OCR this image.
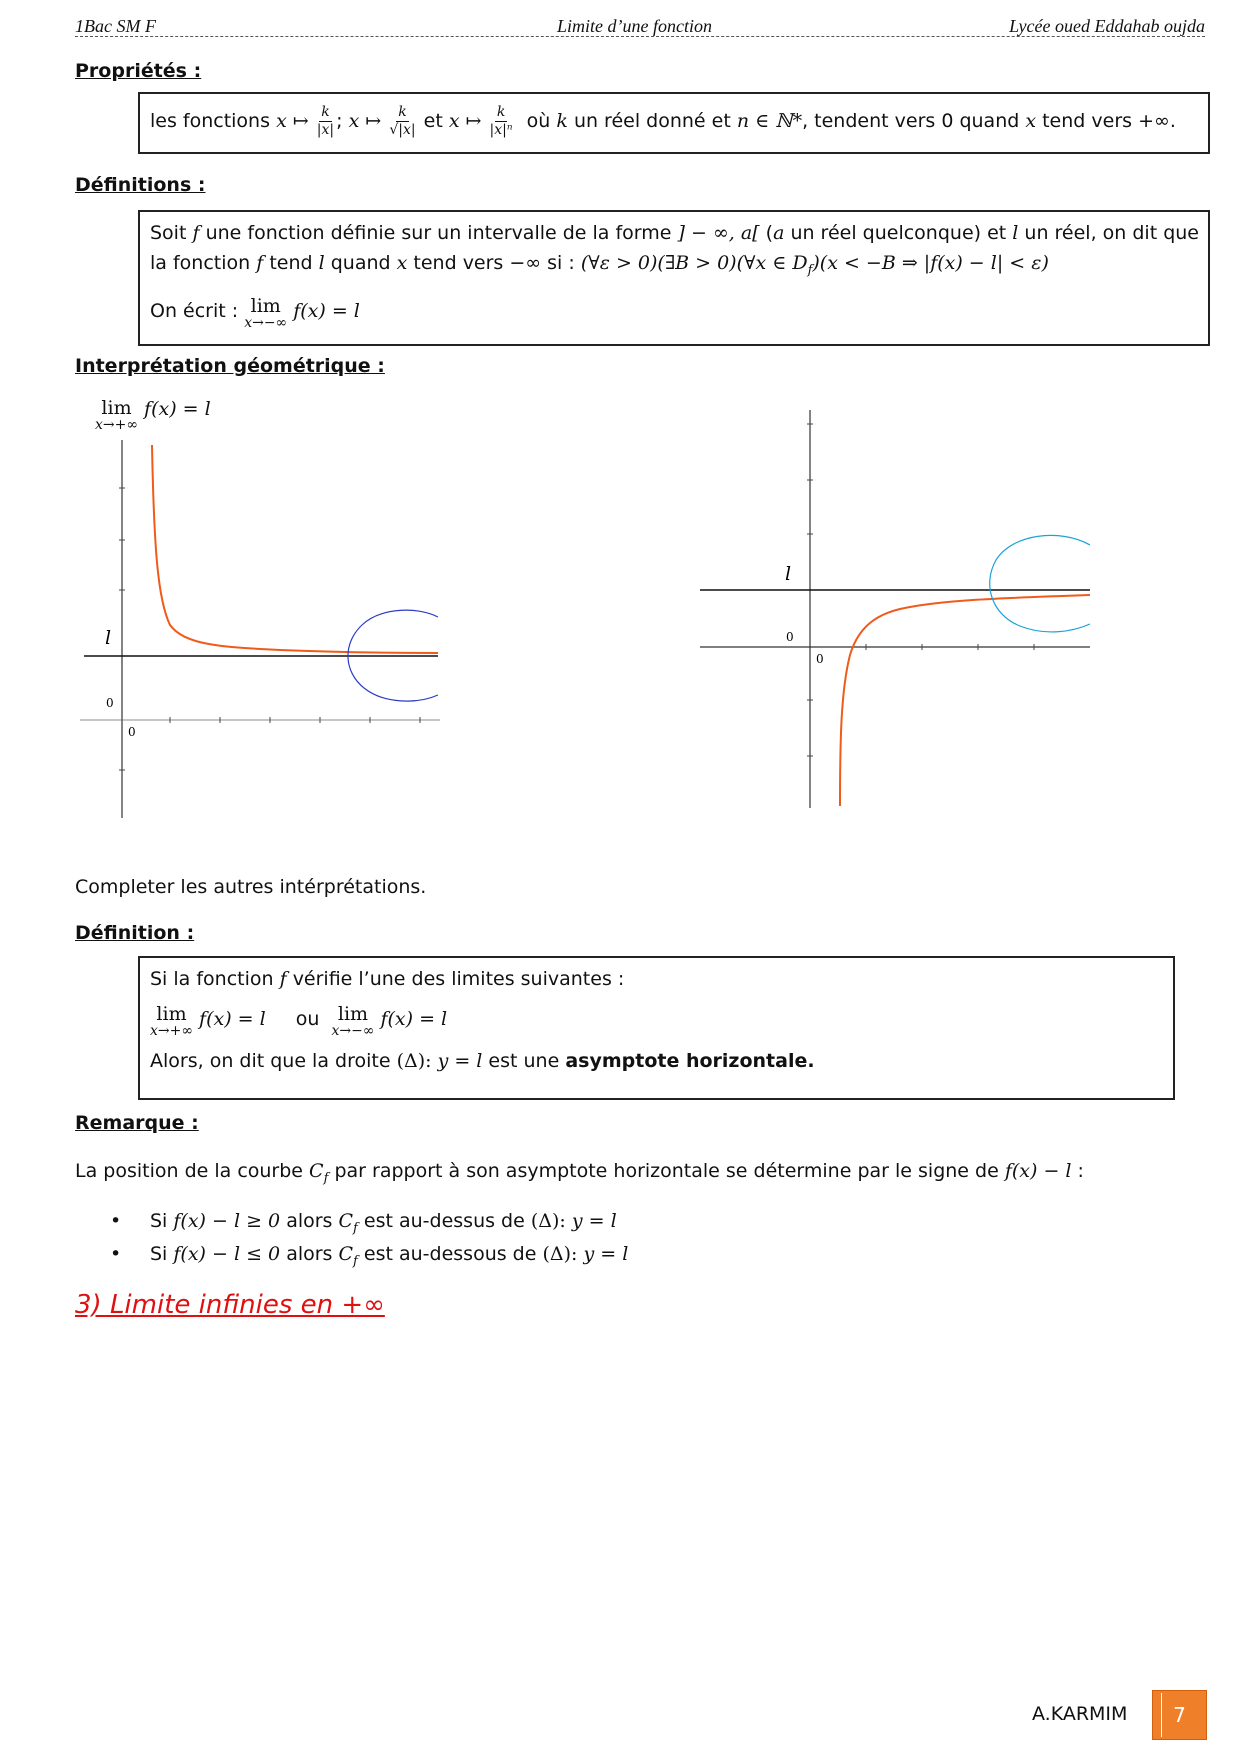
1Bac SM F	Limite d’une fonction	Lycée oued Eddahab oujda
Propriétés :
les fonctions x ↦ $\frac{k}{|x|}$ ; x ↦ $\frac{k}{√|x|}$ et x ↦ $\frac{k}{\text{|x|ⁿ}}$ où k un réel donné et n ∈ ℕ*, tendent vers 0 quand x tend vers +∞.
Définitions :
Soit f une fonction définie sur un intervalle de la forme ] − ∞, a[ (a un réel quelconque) et l un réel, on dit que
la fonction f tend l quand x tend vers −∞ si : (∀ε > 0)(∃B > 0)(∀x ∈ $D_f)(x < -B$ ⇒ |f(x) − l| < ε)
On écrit : lim
x→−∞
f(x) = l
Interprétation géométrique :
lim
x→+∞
f(x) = l
l
0
0
l
0
0
Completer les autres intérprétations.
Définition :
Si la fonction f vérifie l’une des limites suivantes :
lim
x→+∞
f(x) = l ou lim
x→−∞
f(x) = l
Alors, on dit que la droite (Δ): y = l est une asymptote horizontale.
Remarque :
La position de la courbe $C_f$ par rapport à son asymptote horizontale se détermine par le signe de f(x) − l :
• Si f(x) − l ≥ 0 alors $C_f$ est au-dessus de (Δ): y = l
• Si f(x) − l ≤ 0 alors $C_f$ est au-dessous de (Δ): y = l
3) Limite infinies en +∞
A.KARMIM	7
